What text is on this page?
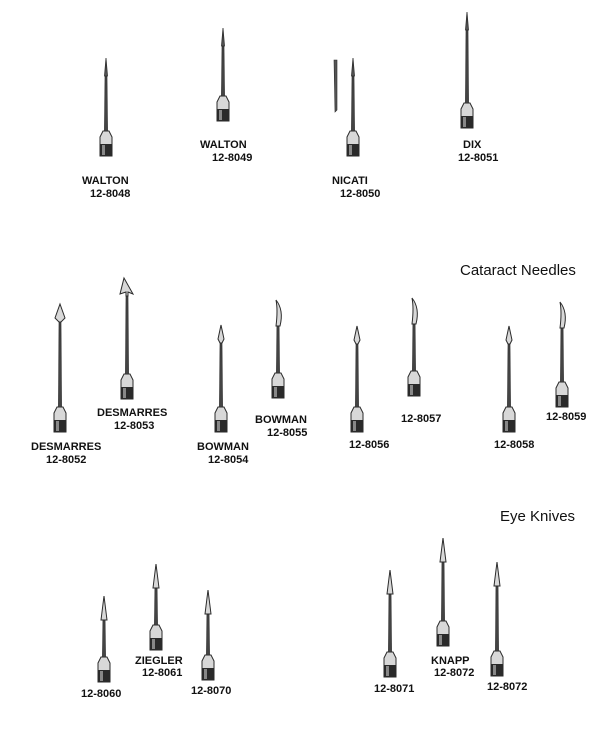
Cataract Needles
Eye Knives
WALTON
12-8048
WALTON
12-8049
NICATI
12-8050
DIX
12-8051
DESMARRES
12-8052
DESMARRES
12-8053
BOWMAN
12-8054
BOWMAN
12-8055
12-8056
12-8057
12-8058
12-8059
12-8060
ZIEGLER
12-8061
12-8070	12-8071
KNAPP
12-8072
12-8072
